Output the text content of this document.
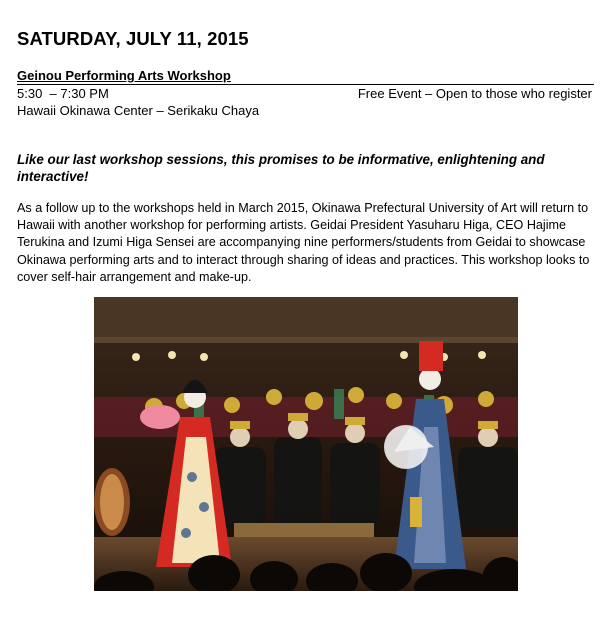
SATURDAY, JULY 11, 2015
Geinou Performing Arts Workshop
5:30  – 7:30 PM	Free Event – Open to those who register
Hawaii Okinawa Center – Serikaku Chaya

Like our last workshop sessions, this promises to be informative, enlightening and interactive!

As a follow up to the workshops held in March 2015, Okinawa Prefectural University of Art will return to Hawaii with another workshop for performing artists. Geidai President Yasuharu Higa, CEO Hajime Terukina and Izumi Higa Sensei are accompanying nine performers/students from Geidai to showcase Okinawa performing arts and to interact through sharing of ideas and practices. This workshop looks to cover self-hair arrangement and make-up.
